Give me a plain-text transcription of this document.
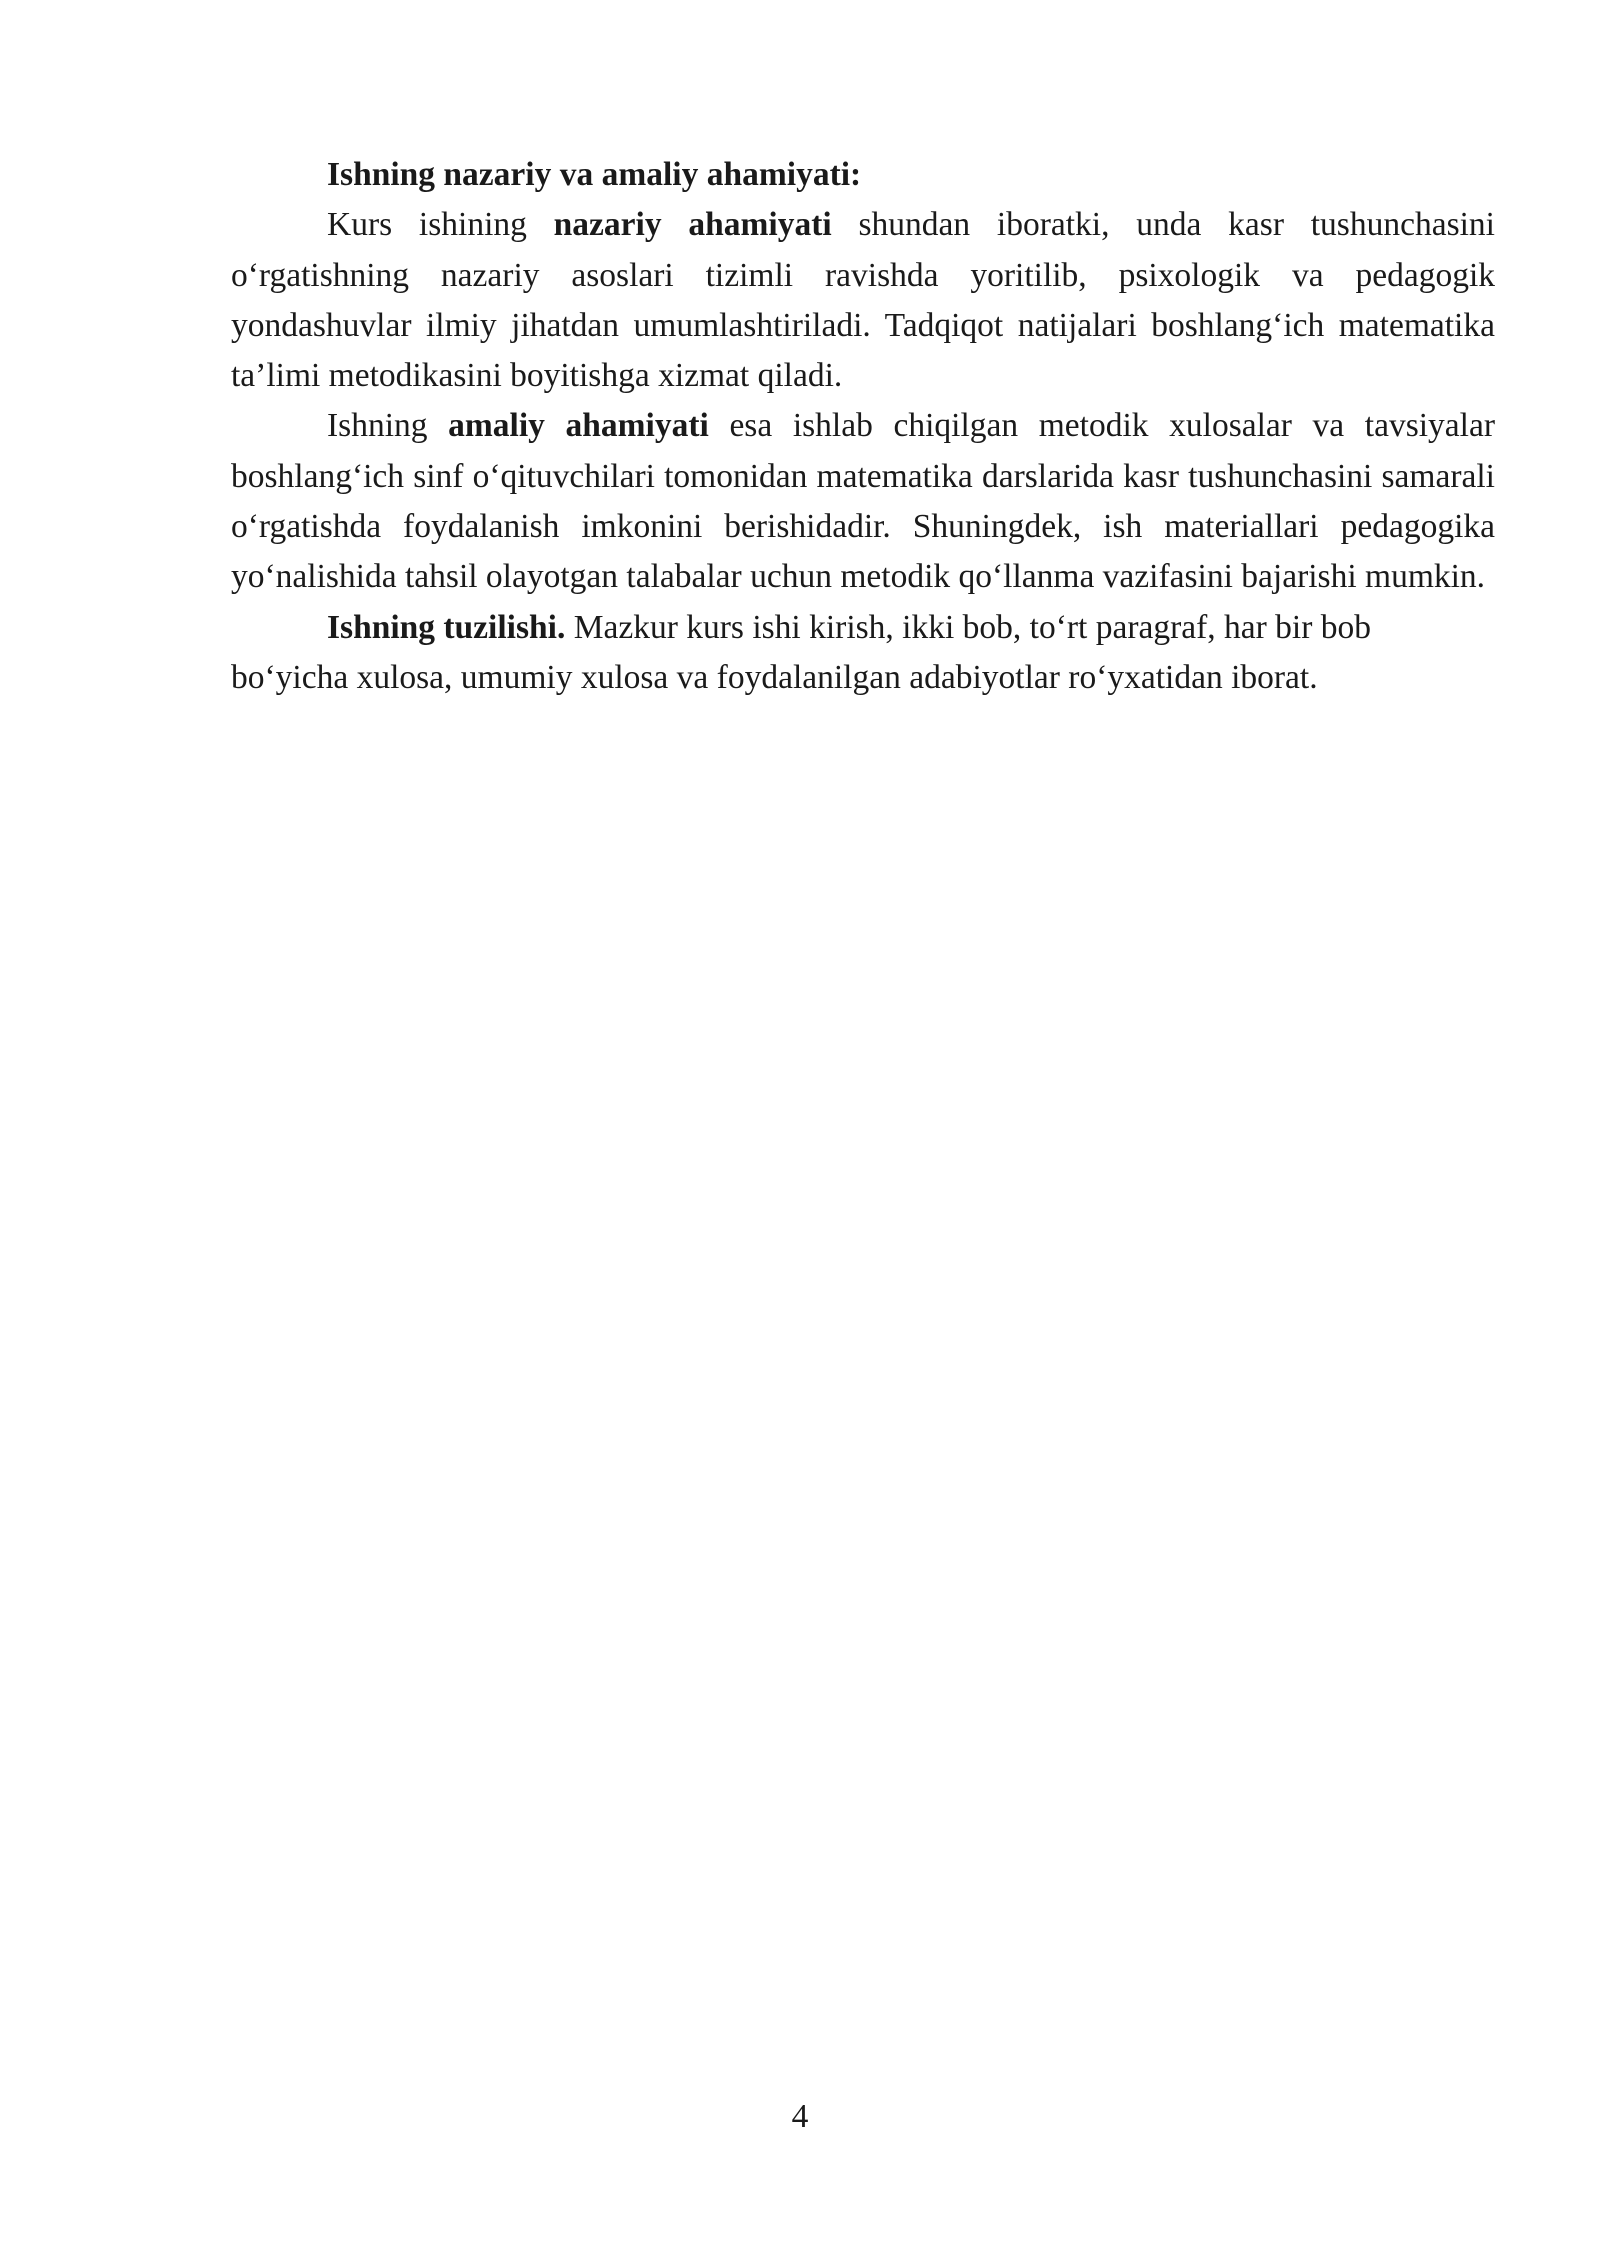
Ishning nazariy va amaliy ahamiyati:

Kurs ishining nazariy ahamiyati shundan iboratki, unda kasr tushunchasini o‘rgatishning nazariy asoslari tizimli ravishda yoritilib, psixologik va pedagogik yondashuvlar ilmiy jihatdan umumlashtiriladi. Tadqiqot natijalari boshlang‘ich matematika ta’limi metodikasini boyitishga xizmat qiladi.

Ishning amaliy ahamiyati esa ishlab chiqilgan metodik xulosalar va tavsiyalar boshlang‘ich sinf o‘qituvchilari tomonidan matematika darslarida kasr tushunchasini samarali o‘rgatishda foydalanish imkonini berishidadir. Shuningdek, ish materiallari pedagogika yo‘nalishida tahsil olayotgan talabalar uchun metodik qo‘llanma vazifasini bajarishi mumkin.

Ishning tuzilishi. Mazkur kurs ishi kirish, ikki bob, to‘rt paragraf, har bir bob bo‘yicha xulosa, umumiy xulosa va foydalanilgan adabiyotlar ro‘yxatidan iborat.

4
